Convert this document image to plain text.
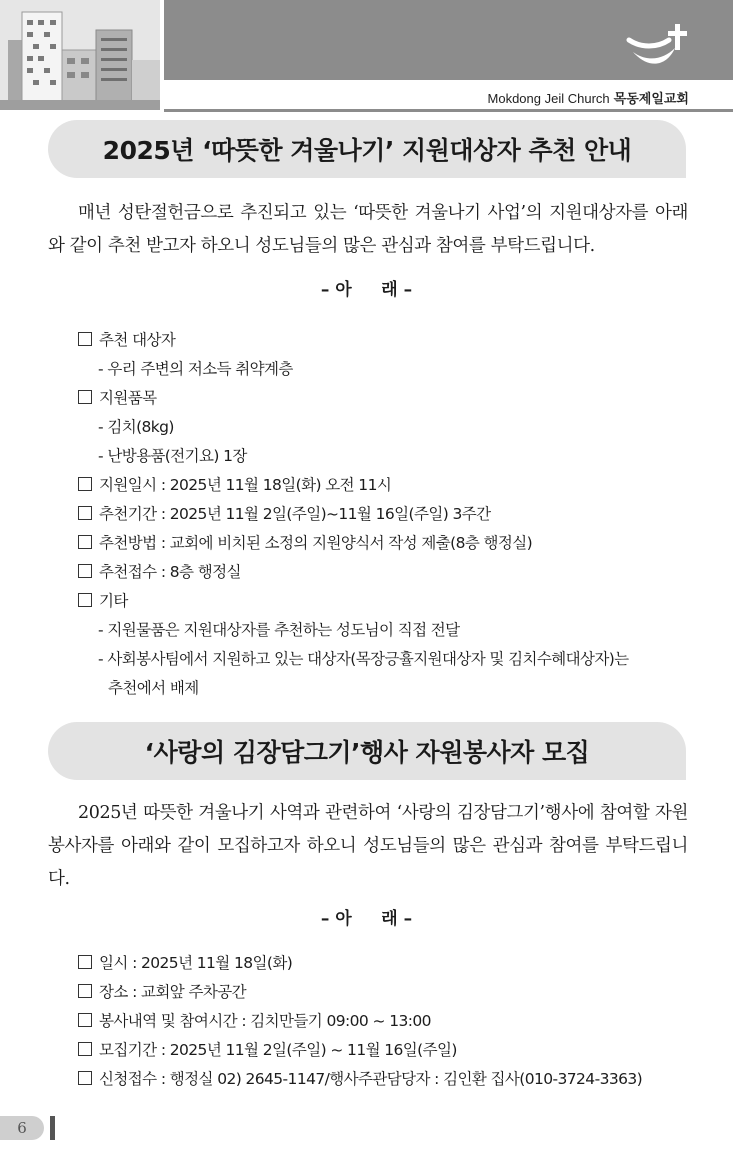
Mokdong Jeil Church 목동제일교회
2025년 ‘따뜻한 겨울나기’ 지원대상자 추천 안내
매년 성탄절헌금으로 추진되고 있는 ‘따뜻한 겨울나기 사업’의 지원대상자를 아래와 같이 추천 받고자 하오니 성도님들의 많은 관심과 참여를 부탁드립니다.
– 아     래 –
추천 대상자
- 우리 주변의 저소득 취약계층
지원품목
- 김치(8kg)
- 난방용품(전기요) 1장
지원일시 : 2025년 11월 18일(화) 오전 11시
추천기간 : 2025년 11월 2일(주일)~11월 16일(주일) 3주간
추천방법 : 교회에 비치된 소정의 지원양식서 작성 제출(8층 행정실)
추천접수 : 8층 행정실
기타
- 지원물품은 지원대상자를 추천하는 성도님이 직접 전달
- 사회봉사팀에서 지원하고 있는 대상자(목장긍휼지원대상자 및 김치수혜대상자)는
추천에서 배제
‘사랑의 김장담그기’행사 자원봉사자 모집
2025년 따뜻한 겨울나기 사역과 관련하여 ‘사랑의 김장담그기’행사에 참여할 자원봉사자를 아래와 같이 모집하고자 하오니 성도님들의 많은 관심과 참여를 부탁드립니다.
– 아     래 –
일시 : 2025년 11월 18일(화)
장소 : 교회앞 주차공간
봉사내역 및 참여시간 : 김치만들기 09:00 ~ 13:00
모집기간 : 2025년 11월 2일(주일) ~ 11월 16일(주일)
신청접수 : 행정실 02) 2645-1147/행사주관담당자 : 김인환 집사(010-3724-3363)
6
